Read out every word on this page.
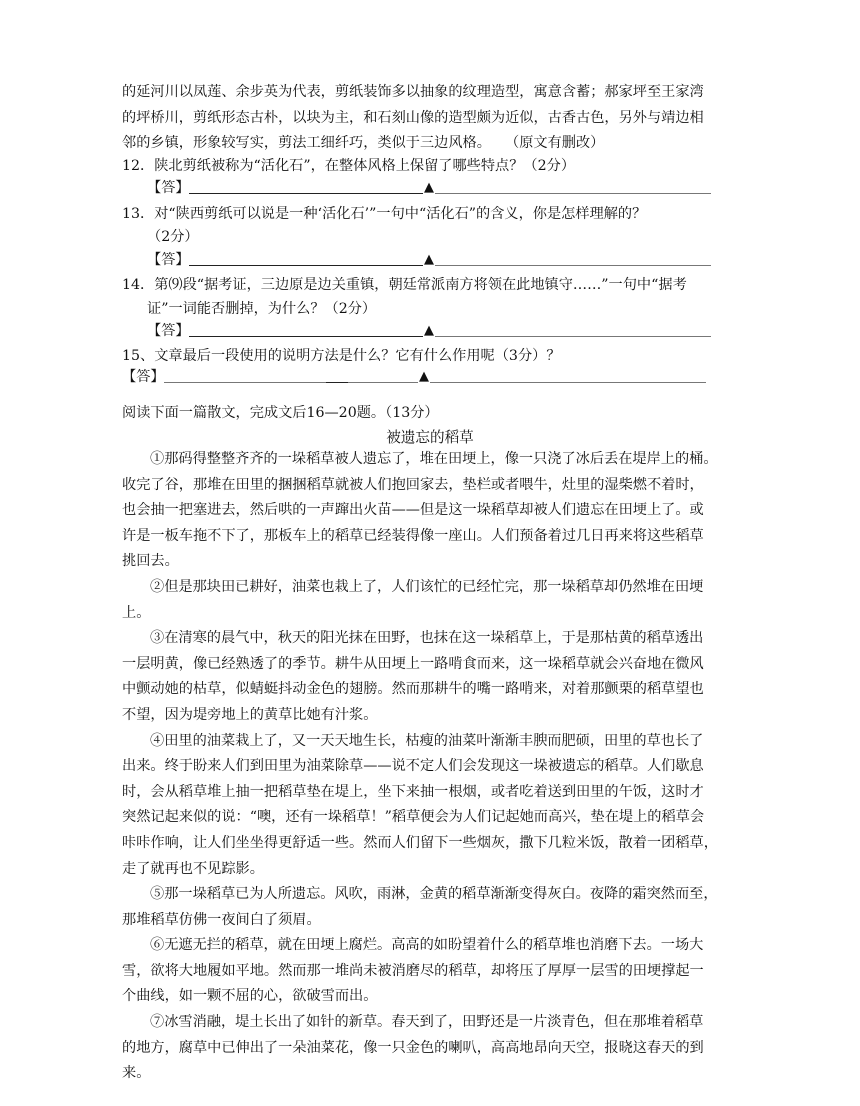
的延河川以凤莲、余步英为代表，剪纸装饰多以抽象的纹理造型，寓意含蓄；郝家坪至王家湾
的坪桥川，剪纸形态古朴，以块为主，和石刻山像的造型颇为近似，古香古色，另外与靖边相
邻的乡镇，形象较写实，剪法工细纤巧，类似于三边风格。　　（原文有删改）
12．陕北剪纸被称为“活化石”，在整体风格上保留了哪些特点？（2分）
【答】	▲
13．对“陕西剪纸可以说是一种‘活化石’”一句中“活化石”的含义，你是怎样理解的？
（2分）
【答】	▲
14．第⑼段“据考证，三边原是边关重镇，朝廷常派南方将领在此地镇守……”一句中“据考
证”一词能否删掉，为什么？（2分）
【答】	▲
15、文章最后一段使用的说明方法是什么？它有什么作用呢（3分）？
【答】	▲
阅读下面一篇散文，完成文后16—20题。（13分）
被遗忘的稻草
①那码得整整齐齐的一垛稻草被人遗忘了，堆在田埂上，像一只浇了冰后丢在堤岸上的桶。
收完了谷，那堆在田里的捆捆稻草就被人们抱回家去，垫栏或者喂牛，灶里的湿柴燃不着时，
也会抽一把塞进去，然后哄的一声蹿出火苗——但是这一垛稻草却被人们遗忘在田埂上了。或
许是一板车拖不下了，那板车上的稻草已经装得像一座山。人们预备着过几日再来将这些稻草
挑回去。
②但是那块田已耕好，油菜也栽上了，人们该忙的已经忙完，那一垛稻草却仍然堆在田埂
上。
③在清寒的晨气中，秋天的阳光抹在田野，也抹在这一垛稻草上，于是那枯黄的稻草透出
一层明黄，像已经熟透了的季节。耕牛从田埂上一路啃食而来，这一垛稻草就会兴奋地在微风
中颤动她的枯草，似蜻蜓抖动金色的翅膀。然而那耕牛的嘴一路啃来，对着那颤栗的稻草望也
不望，因为堤旁地上的黄草比她有汁浆。
④田里的油菜栽上了，又一天天地生长，枯瘦的油菜叶渐渐丰腴而肥硕，田里的草也长了
出来。终于盼来人们到田里为油菜除草——说不定人们会发现这一垛被遗忘的稻草。人们歇息
时，会从稻草堆上抽一把稻草垫在堤上，坐下来抽一根烟，或者吃着送到田里的午饭，这时才
突然记起来似的说：“噢，还有一垛稻草！”稻草便会为人们记起她而高兴，垫在堤上的稻草会
咔咔作响，让人们坐坐得更舒适一些。然而人们留下一些烟灰，撒下几粒米饭，散着一团稻草，
走了就再也不见踪影。
⑤那一垛稻草已为人所遗忘。风吹，雨淋，金黄的稻草渐渐变得灰白。夜降的霜突然而至，
那堆稻草仿佛一夜间白了须眉。
⑥无遮无拦的稻草，就在田埂上腐烂。高高的如盼望着什么的稻草堆也消磨下去。一场大
雪，欲将大地履如平地。然而那一堆尚未被消磨尽的稻草，却将压了厚厚一层雪的田埂撑起一
个曲线，如一颗不屈的心，欲破雪而出。
⑦冰雪消融，堤土长出了如针的新草。春天到了，田野还是一片淡青色，但在那堆着稻草
的地方，腐草中已伸出了一朵油菜花，像一只金色的喇叭，高高地昂向天空，报晓这春天的到
来。
